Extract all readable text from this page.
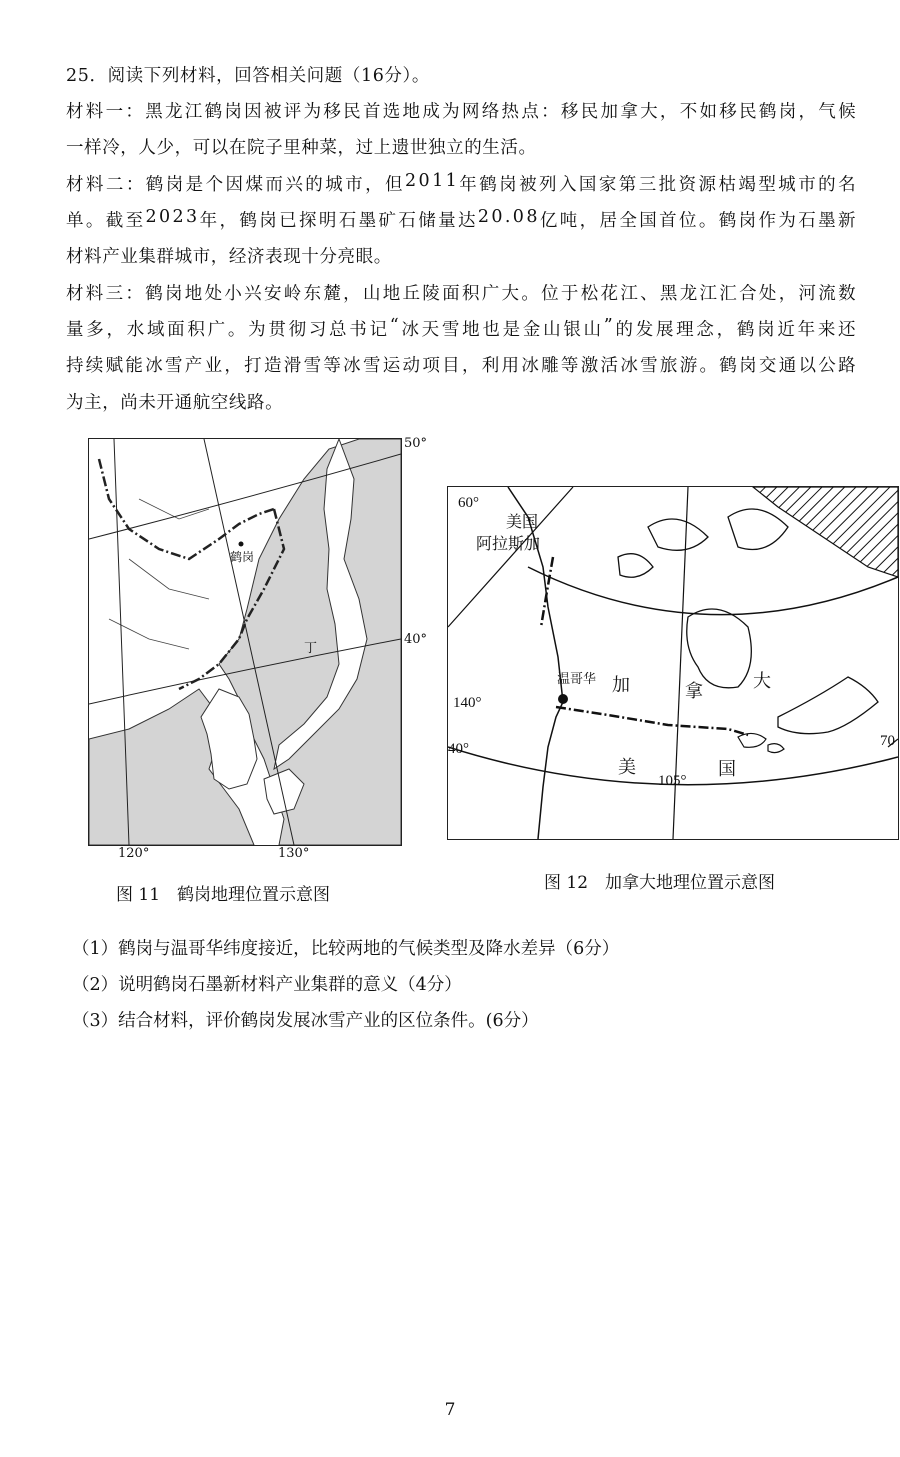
25．阅读下列材料，回答相关问题（16分）。
材 料 一 ： 黑 龙 江 鹤 岗 因 被 评 为 移 民 首 选 地 成 为 网 络 热 点 ： 移 民 加 拿 大 ， 不 如 移 民 鹤 岗 ， 气 候
一样冷，人少，可以在院子里种菜，过上遗世独立的生活。
材 料 二 ： 鹤 岗 是 个 因 煤 而 兴 的 城 市 ， 但 2 0 1 1 年 鹤 岗 被 列 入 国 家 第 三 批 资 源 枯 竭 型 城 市 的 名
单 。 截 至 2 0 2 3 年 ， 鹤 岗 已 探 明 石 墨 矿 石 储 量 达 2 0 . 0 8 亿 吨 ， 居 全 国 首 位 。 鹤 岗 作 为 石 墨 新
材料产业集群城市，经济表现十分亮眼。
材 料 三 ： 鹤 岗 地 处 小 兴 安 岭 东 麓 ， 山 地 丘 陵 面 积 广 大 。 位 于 松 花 江 、 黑 龙 江 汇 合 处 ， 河 流 数
量 多 ， 水 域 面 积 广 。 为 贯 彻 习 总 书 记 “ 冰 天 雪 地 也 是 金 山 银 山 ” 的 发 展 理 念 ， 鹤 岗 近 年 来 还
持 续 赋 能 冰 雪 产 业 ， 打 造 滑 雪 等 冰 雪 运 动 项 目 ， 利 用 冰 雕 等 激 活 冰 雪 旅 游 。 鹤 岗 交 通 以 公 路
为主，尚未开通航空线路。
鹤岗
丁
50°
40°
120°	130°
图 11　鹤岗地理位置示意图
温哥华
60°
美国
阿拉斯加
加	拿	大
140°
40°
美	国
105°
70
图 12　加拿大地理位置示意图
（1）鹤岗与温哥华纬度接近，比较两地的气候类型及降水差异（6分）
（2）说明鹤岗石墨新材料产业集群的意义（4分）
（3）结合材料，评价鹤岗发展冰雪产业的区位条件。(6分）
7
